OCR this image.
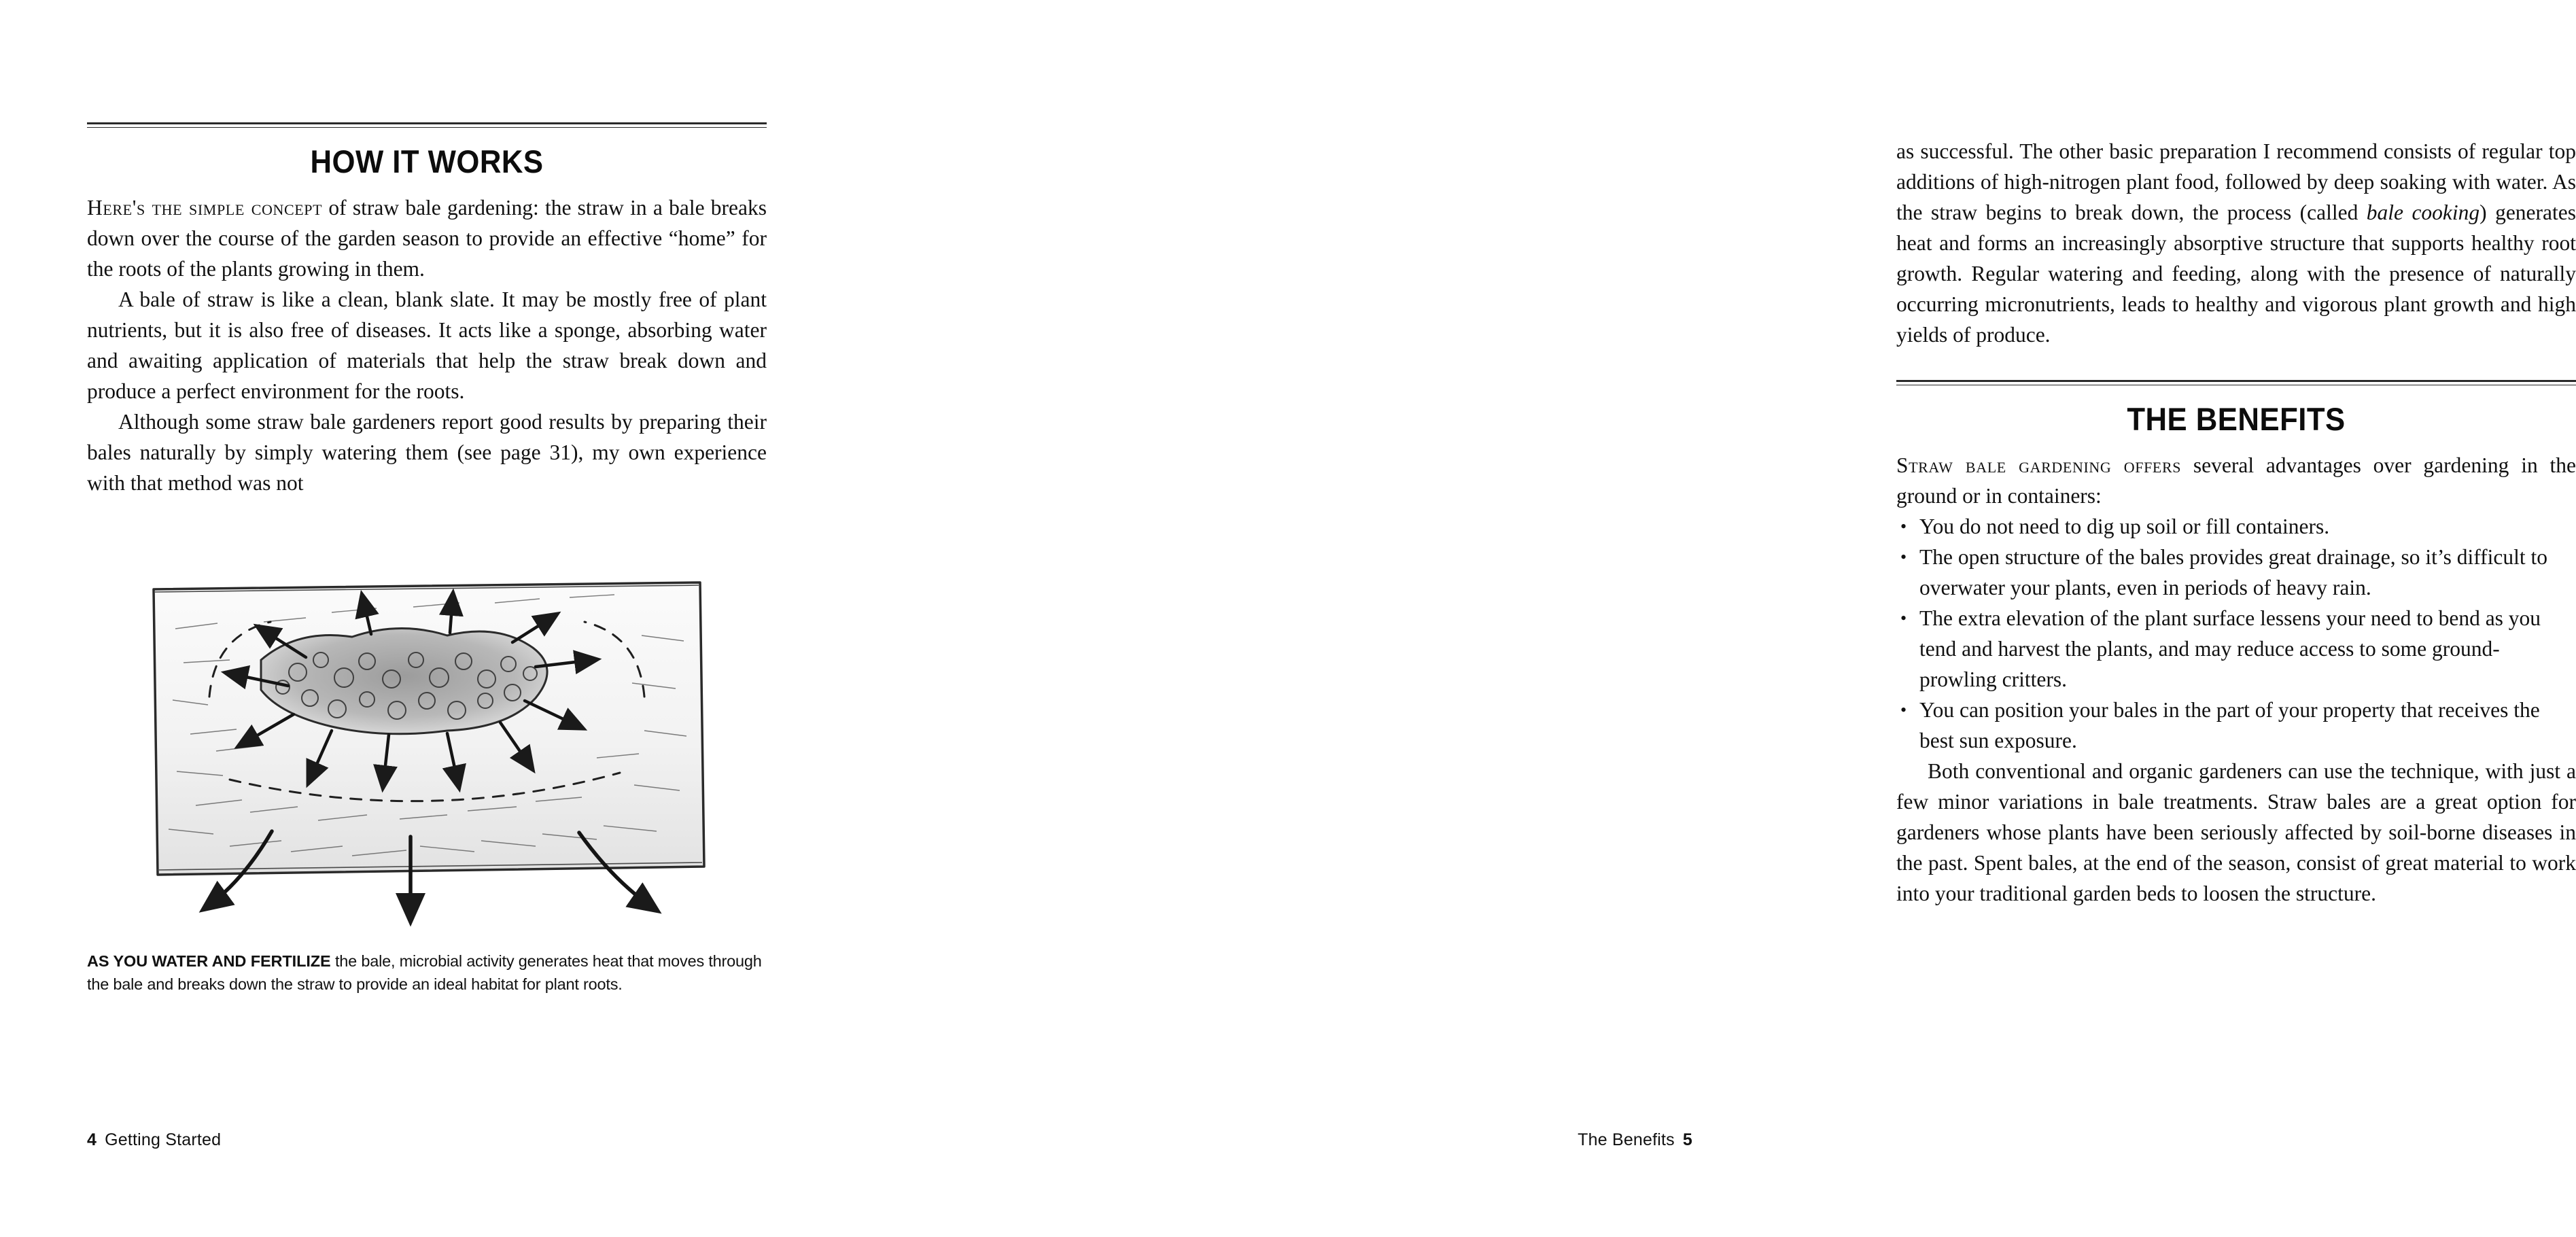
HOW IT WORKS

Here's the simple concept of straw bale gardening: the straw in a bale breaks down over the course of the garden season to provide an effective “home” for the roots of the plants growing in them.

A bale of straw is like a clean, blank slate. It may be mostly free of plant nutrients, but it is also free of diseases. It acts like a sponge, absorbing water and awaiting application of materials that help the straw break down and produce a perfect environment for the roots.

Although some straw bale gardeners report good results by preparing their bales naturally by simply watering them (see page 31), my own experience with that method was not

AS YOU WATER AND FERTILIZE the bale, microbial activity generates heat that moves through the bale and breaks down the straw to provide an ideal habitat for plant roots.
4 Getting Started

as successful. The other basic preparation I recommend consists of regular top additions of high-nitrogen plant food, followed by deep soaking with water. As the straw begins to break down, the process (called bale cooking) generates heat and forms an increasingly absorptive structure that supports healthy root growth. Regular watering and feeding, along with the presence of naturally occurring micronutrients, leads to healthy and vigorous plant growth and high yields of produce.

THE BENEFITS

Straw bale gardening offers several advantages over gardening in the ground or in containers:

• You do not need to dig up soil or fill containers.
• The open structure of the bales provides great drainage, so it’s difficult to overwater your plants, even in periods of heavy rain.
• The extra elevation of the plant surface lessens your need to bend as you tend and harvest the plants, and may reduce access to some ground-prowling critters.
• You can position your bales in the part of your property that receives the best sun exposure.

Both conventional and organic gardeners can use the technique, with just a few minor variations in bale treatments. Straw bales are a great option for gardeners whose plants have been seriously affected by soil-borne diseases in the past. Spent bales, at the end of the season, consist of great material to work into your traditional garden beds to loosen the structure.

The Benefits 5
